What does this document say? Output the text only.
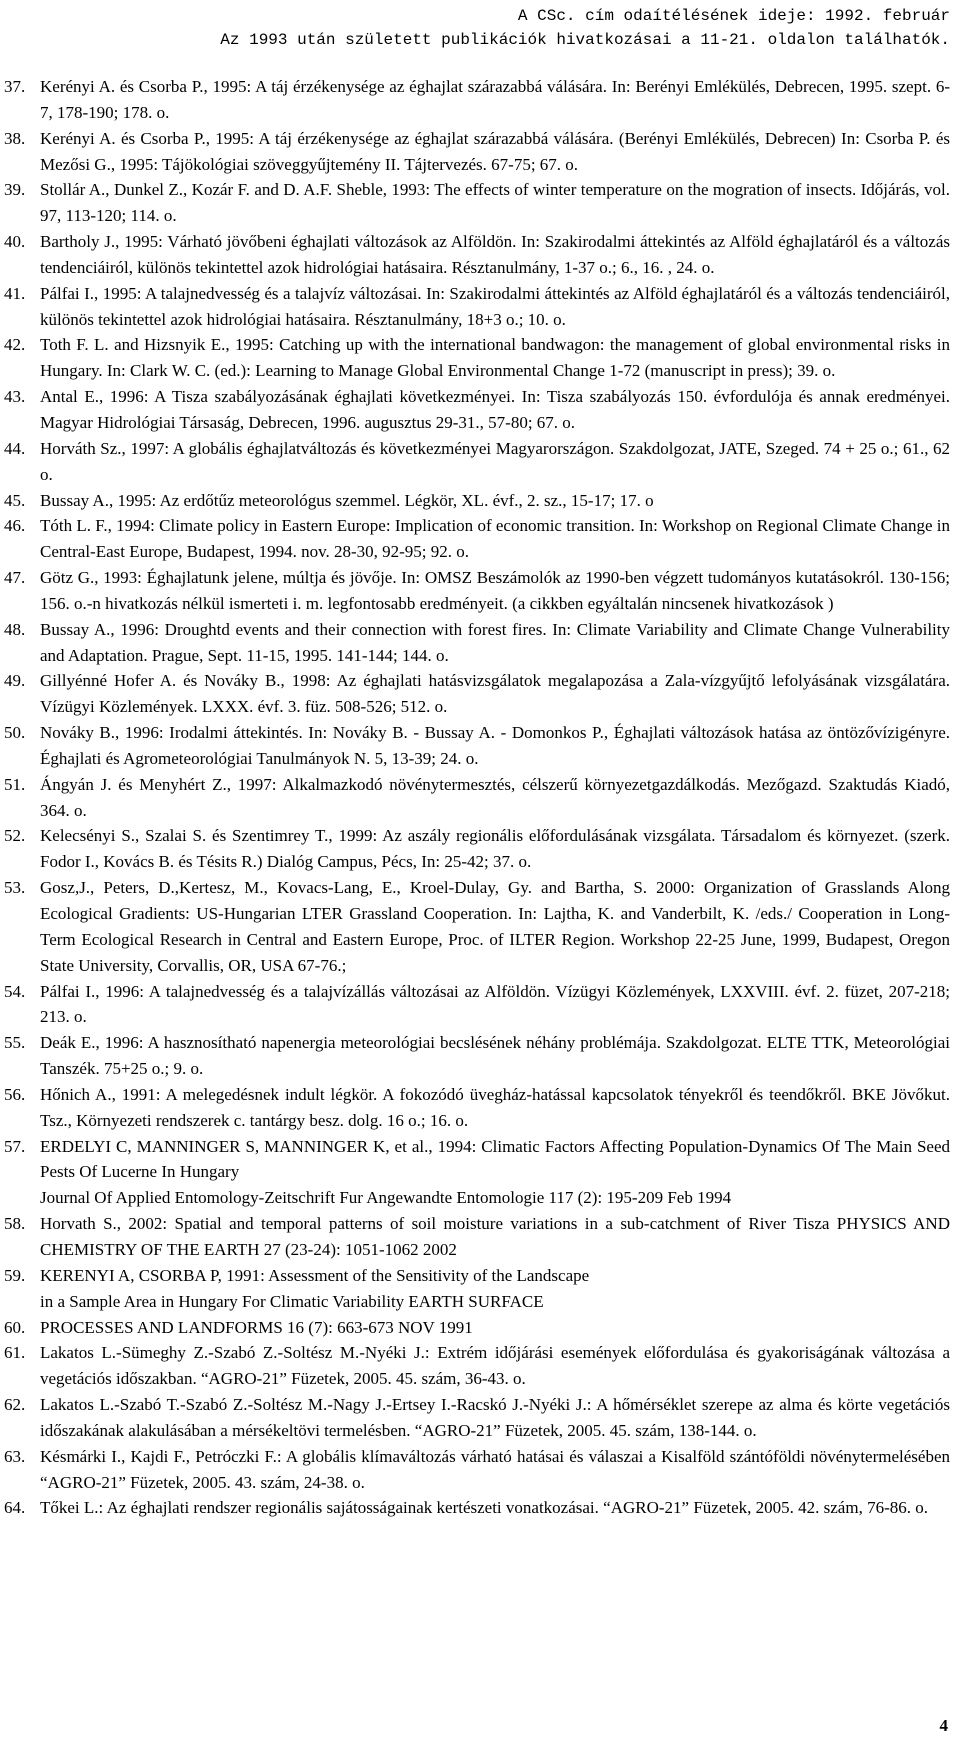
A CSc. cím odaítélésének ideje: 1992. február
Az 1993 után született publikációk hivatkozásai a 11-21. oldalon találhatók.
37. Kerényi A. és Csorba P., 1995: A táj érzékenysége az éghajlat szárazabbá válására. In: Berényi Emlékülés, Debrecen, 1995. szept. 6-7, 178-190; 178. o.
38. Kerényi A. és Csorba P., 1995: A táj érzékenysége az éghajlat szárazabbá válására. (Berényi Emlékülés, Debrecen) In: Csorba P. és Mezősi G., 1995: Tájökológiai szöveggyűjtemény II. Tájtervezés. 67-75; 67. o.
39. Stollár A., Dunkel Z., Kozár F. and D. A.F. Sheble, 1993: The effects of winter temperature on the mogration of insects. Időjárás, vol. 97, 113-120; 114. o.
40. Bartholy J., 1995: Várható jövőbeni éghajlati változások az Alföldön. In: Szakirodalmi áttekintés az Alföld éghajlatáról és a változás tendenciáiról, különös tekintettel azok hidrológiai hatásaira. Résztanulmány, 1-37 o.; 6., 16. , 24. o.
41. Pálfai I., 1995: A talajnedvesség és a talajvíz változásai. In: Szakirodalmi áttekintés az Alföld éghajlatáról és a változás tendenciáiról, különös tekintettel azok hidrológiai hatásaira. Résztanulmány, 18+3 o.; 10. o.
42. Toth F. L. and Hizsnyik E., 1995: Catching up with the international bandwagon: the management of global environmental risks in Hungary. In: Clark W. C. (ed.): Learning to Manage Global Environmental Change 1-72 (manuscript in press); 39. o.
43. Antal E., 1996: A Tisza szabályozásának éghajlati következményei. In: Tisza szabályozás 150. évfordulója és annak eredményei. Magyar Hidrológiai Társaság, Debrecen, 1996. augusztus 29-31., 57-80; 67. o.
44. Horváth Sz., 1997: A globális éghajlatváltozás és következményei Magyarországon. Szakdolgozat, JATE, Szeged. 74 + 25 o.; 61., 62 o.
45. Bussay A., 1995: Az erdőtűz meteorológus szemmel. Légkör, XL. évf., 2. sz., 15-17; 17. o
46. Tóth L. F., 1994: Climate policy in Eastern Europe: Implication of economic transition. In: Workshop on Regional Climate Change in Central-East Europe, Budapest, 1994. nov. 28-30, 92-95; 92. o.
47. Götz G., 1993: Éghajlatunk jelene, múltja és jövője. In: OMSZ Beszámolók az 1990-ben végzett tudományos kutatásokról. 130-156; 156. o.-n hivatkozás nélkül ismerteti i. m. legfontosabb eredményeit. (a cikkben egyáltalán nincsenek hivatkozások )
48. Bussay A., 1996: Droughtd events and their connection with forest fires. In: Climate Variability and Climate Change Vulnerability and Adaptation. Prague, Sept. 11-15, 1995. 141-144; 144. o.
49. Gillyénné Hofer A. és Nováky B., 1998: Az éghajlati hatásvizsgálatok megalapozása a Zala-vízgyűjtő lefolyásának vizsgálatára. Vízügyi Közlemények. LXXX. évf. 3. füz. 508-526; 512. o.
50. Nováky B., 1996: Irodalmi áttekintés. In: Nováky B. - Bussay A. - Domonkos P., Éghajlati változások hatása az öntözővízigényre. Éghajlati és Agrometeorológiai Tanulmányok N. 5, 13-39; 24. o.
51. Ángyán J. és Menyhért Z., 1997: Alkalmazkodó növénytermesztés, célszerű környezetgazdálkodás. Mezőgazd. Szaktudás Kiadó, 364. o.
52. Kelecsényi S., Szalai S. és Szentimrey T., 1999: Az aszály regionális előfordulásának vizsgálata. Társadalom és környezet. (szerk. Fodor I., Kovács B. és Tésits R.) Dialóg Campus, Pécs, In: 25-42; 37. o.
53. Gosz,J., Peters, D.,Kertesz, M., Kovacs-Lang, E., Kroel-Dulay, Gy. and Bartha, S. 2000: Organization of Grasslands Along Ecological Gradients: US-Hungarian LTER Grassland Cooperation. In: Lajtha, K. and Vanderbilt, K. /eds./ Cooperation in Long-Term Ecological Research in Central and Eastern Europe, Proc. of ILTER Region. Workshop 22-25 June, 1999, Budapest, Oregon State University, Corvallis, OR, USA 67-76.;
54. Pálfai I., 1996: A talajnedvesség és a talajvízállás változásai az Alföldön. Vízügyi Közlemények, LXXVIII. évf. 2. füzet, 207-218; 213. o.
55. Deák E., 1996: A hasznosítható napenergia meteorológiai becslésének néhány problémája. Szakdolgozat. ELTE TTK, Meteorológiai Tanszék. 75+25 o.; 9. o.
56. Hőnich A., 1991: A melegedésnek indult légkör. A fokozódó üvegház-hatással kapcsolatok tényekről és teendőkről. BKE Jövőkut. Tsz., Környezeti rendszerek c. tantárgy besz. dolg. 16 o.; 16. o.
57. ERDELYI C, MANNINGER S, MANNINGER K, et al., 1994: Climatic Factors Affecting Population-Dynamics Of The Main Seed Pests Of Lucerne In Hungary
Journal Of Applied Entomology-Zeitschrift Fur Angewandte Entomologie 117 (2): 195-209 Feb 1994
58. Horvath S., 2002: Spatial and temporal patterns of soil moisture variations in a sub-catchment of River Tisza PHYSICS AND CHEMISTRY OF THE EARTH 27 (23-24): 1051-1062 2002
59. KERENYI A, CSORBA P, 1991: Assessment of the Sensitivity of the Landscape
in a Sample Area in Hungary For Climatic Variability EARTH SURFACE
60. PROCESSES AND LANDFORMS 16 (7): 663-673 NOV 1991
61. Lakatos L.-Sümeghy Z.-Szabó Z.-Soltész M.-Nyéki J.: Extrém időjárási események előfordulása és gyakoriságának változása a vegetációs időszakban. “AGRO-21” Füzetek, 2005. 45. szám, 36-43. o.
62. Lakatos L.-Szabó T.-Szabó Z.-Soltész M.-Nagy J.-Ertsey I.-Racskó J.-Nyéki J.: A hőmérséklet szerepe az alma és körte vegetációs időszakának alakulásában a mérsékeltövi termelésben. “AGRO-21” Füzetek, 2005. 45. szám, 138-144. o.
63. Késmárki I., Kajdi F., Petróczki F.: A globális klímaváltozás várható hatásai és válaszai a Kisalföld szántóföldi növénytermelésében “AGRO-21” Füzetek, 2005. 43. szám, 24-38. o.
64. Tőkei L.: Az éghajlati rendszer regionális sajátosságainak kertészeti vonatkozásai. “AGRO-21” Füzetek, 2005. 42. szám, 76-86. o.
4
